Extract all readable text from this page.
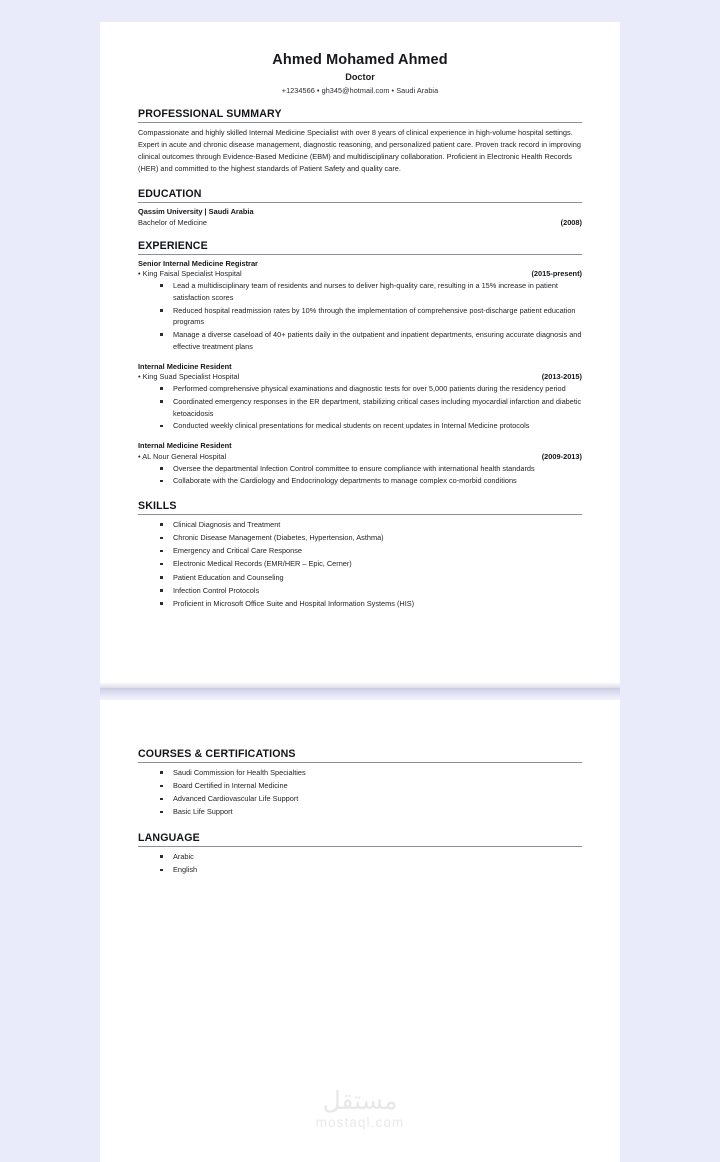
Ahmed Mohamed Ahmed
Doctor
+1234566 • gh345@hotmail.com • Saudi Arabia
PROFESSIONAL SUMMARY
Compassionate and highly skilled Internal Medicine Specialist with over 8 years of clinical experience in high-volume hospital settings. Expert in acute and chronic disease management, diagnostic reasoning, and personalized patient care. Proven track record in improving clinical outcomes through Evidence-Based Medicine (EBM) and multidisciplinary collaboration. Proficient in Electronic Health Records (HER) and committed to the highest standards of Patient Safety and quality care.
EDUCATION
Qassim University | Saudi Arabia
Bachelor of Medicine	(2008)
EXPERIENCE
Senior Internal Medicine Registrar
• King Faisal Specialist Hospital	(2015-present)
Lead a multidisciplinary team of residents and nurses to deliver high-quality care, resulting in a 15% increase in patient satisfaction scores
Reduced hospital readmission rates by 10% through the implementation of comprehensive post-discharge patient education programs
Manage a diverse caseload of 40+ patients daily in the outpatient and inpatient departments, ensuring accurate diagnosis and effective treatment plans
Internal Medicine Resident
• King Suad Specialist Hospital	(2013-2015)
Performed comprehensive physical examinations and diagnostic tests for over 5,000 patients during the residency period
Coordinated emergency responses in the ER department, stabilizing critical cases including myocardial infarction and diabetic ketoacidosis
Conducted weekly clinical presentations for medical students on recent updates in Internal Medicine protocols
Internal Medicine Resident
• AL Nour General Hospital	(2009-2013)
Oversee the departmental Infection Control committee to ensure compliance with international health standards
Collaborate with the Cardiology and Endocrinology departments to manage complex co-morbid conditions
SKILLS
Clinical Diagnosis and Treatment
Chronic Disease Management (Diabetes, Hypertension, Asthma)
Emergency and Critical Care Response
Electronic Medical Records (EMR/HER – Epic, Cerner)
Patient Education and Counseling
Infection Control Protocols
Proficient in Microsoft Office Suite and Hospital Information Systems (HIS)
COURSES & CERTIFICATIONS
Saudi Commission for Health Specialties
Board Certified in Internal Medicine
Advanced Cardiovascular Life Support
Basic Life Support
LANGUAGE
Arabic
English
مستقل
mostaql.com
